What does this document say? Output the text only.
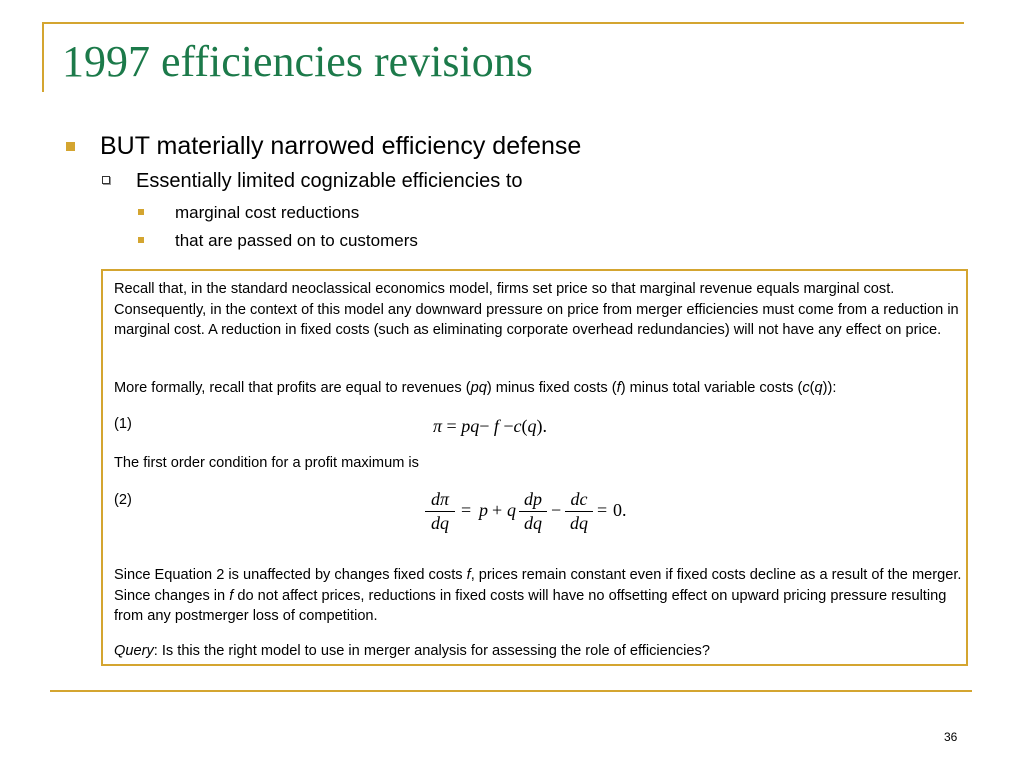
1997 efficiencies revisions
BUT materially narrowed efficiency defense
Essentially limited cognizable efficiencies to
marginal cost reductions
that are passed on to customers

Recall that, in the standard neoclassical economics model, firms set price so that marginal revenue equals marginal cost. Consequently, in the context of this model any downward pressure on price from merger efficiencies must come from a reduction in marginal cost. A reduction in fixed costs (such as eliminating corporate overhead redundancies) will not have any effect on price.

More formally, recall that profits are equal to revenues (pq) minus fixed costs (f) minus total variable costs (c(q)):

(1)	π = pq− f −c(q).

The first order condition for a profit maximum is

(2)	dπ
dq
= p + q
dp
dq
−
dc
dq
= 0.

Since Equation 2 is unaffected by changes fixed costs f, prices remain constant even if fixed costs decline as a result of the merger. Since changes in f do not affect prices, reductions in fixed costs will have no offsetting effect on upward pricing pressure resulting from any postmerger loss of competition.

Query: Is this the right model to use in merger analysis for assessing the role of efficiencies?

36
